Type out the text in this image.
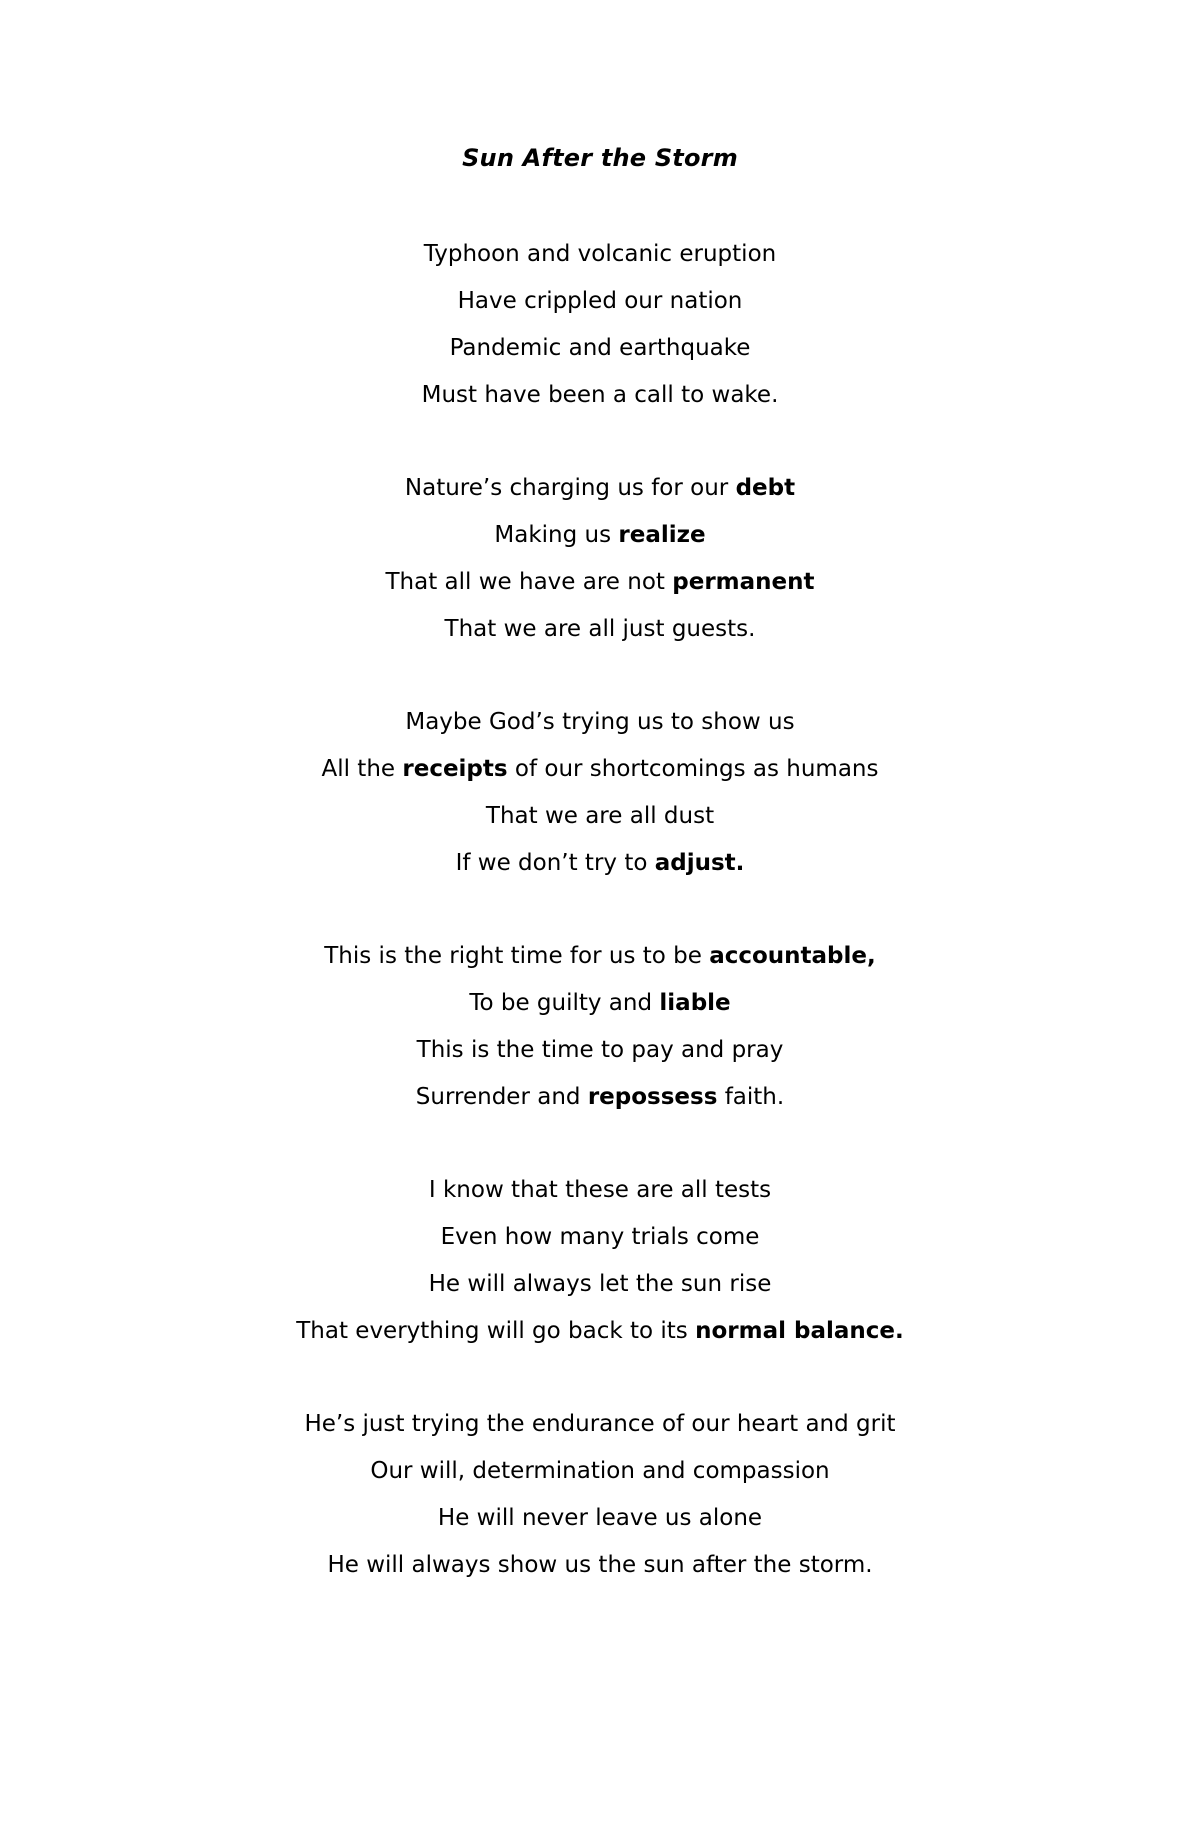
Sun After the Storm
Typhoon and volcanic eruption
Have crippled our nation
Pandemic and earthquake
Must have been a call to wake.
Nature’s charging us for our debt
Making us realize
That all we have are not permanent
That we are all just guests.
Maybe God’s trying us to show us
All the receipts of our shortcomings as humans
That we are all dust
If we don’t try to adjust.
This is the right time for us to be accountable,
To be guilty and liable
This is the time to pay and pray
Surrender and repossess faith.
I know that these are all tests
Even how many trials come
He will always let the sun rise
That everything will go back to its normal balance.
He’s just trying the endurance of our heart and grit
Our will, determination and compassion
He will never leave us alone
He will always show us the sun after the storm.
